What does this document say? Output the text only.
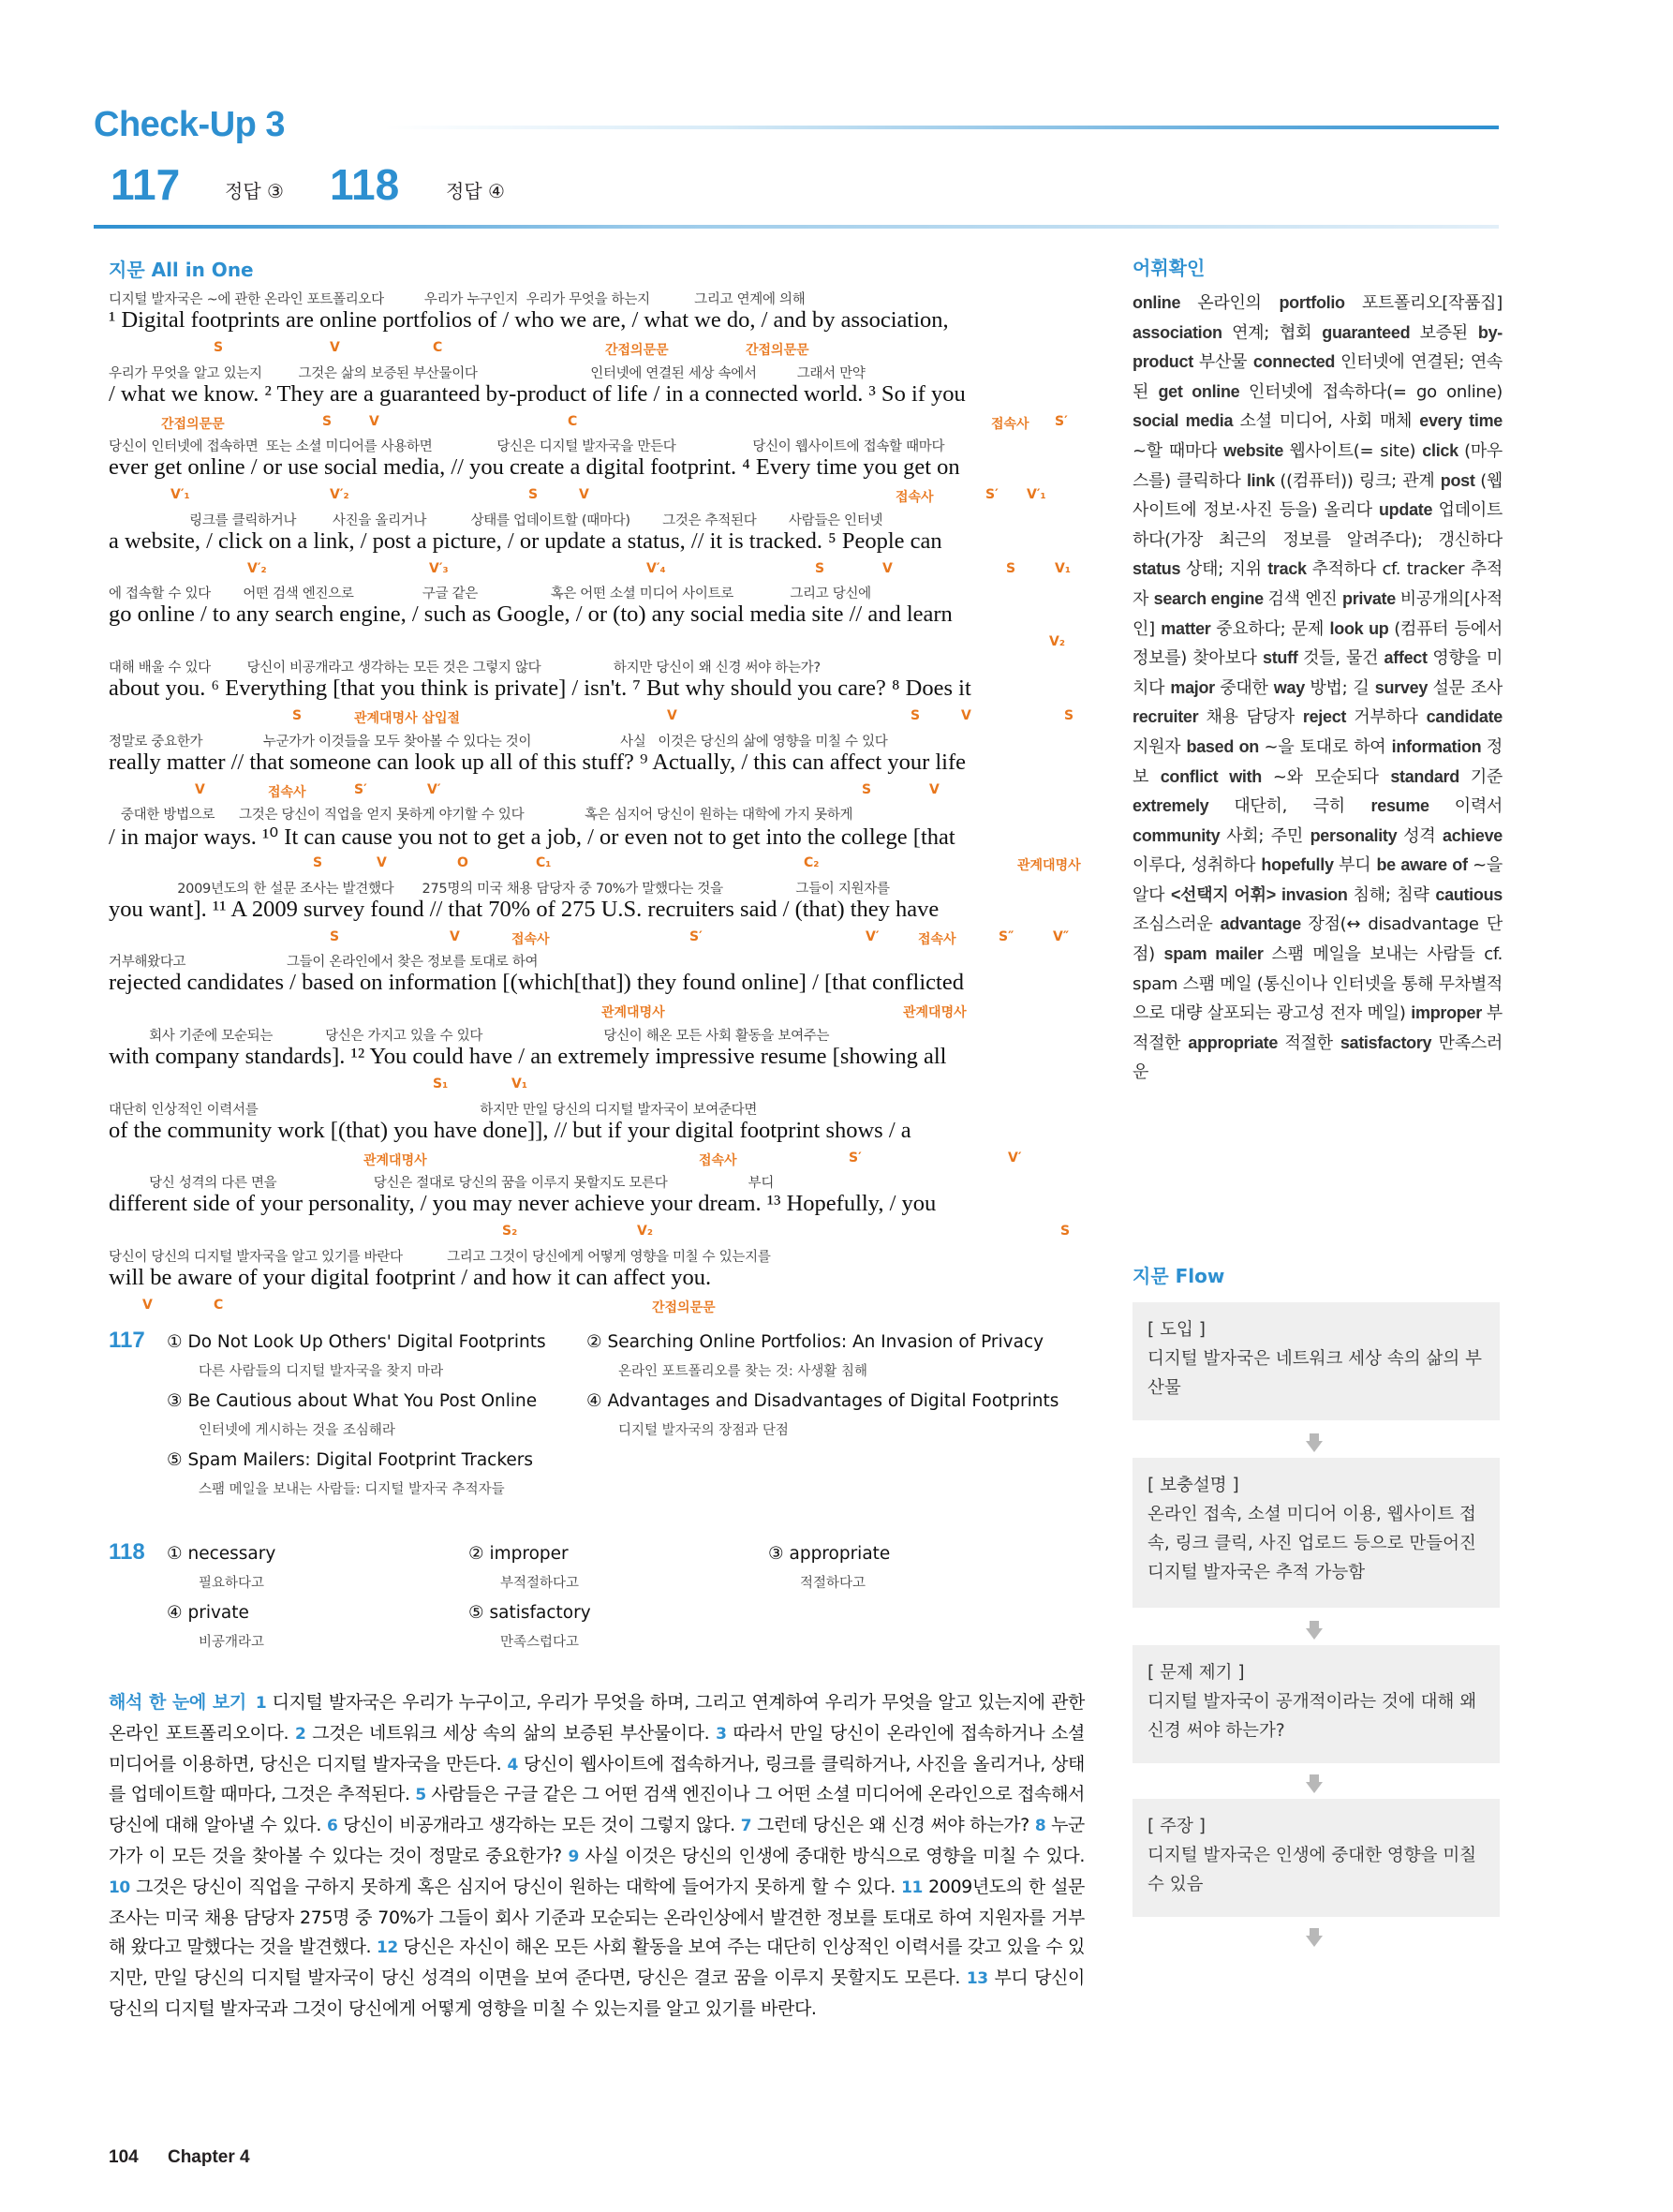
Check-Up 3
117 정답 ③ 118 정답 ④
지문 All in One
디지털 발자국은 ~에 관한 온라인 포트폴리오다          우리가 누구인지  우리가 무엇을 하는지           그리고 연계에 의해
¹ Digital footprints are online portfolios of / who we are, / what we do, / and by association,
S	V	C	간접의문문	간접의문문
우리가 무엇을 알고 있는지         그것은 삶의 보증된 부산물이다                            인터넷에 연결된 세상 속에서          그래서 만약
/ what we know. ² They are a guaranteed by-product of life / in a connected world. ³ So if you
간접의문문	S	V	C	접속사 S′
당신이 인터넷에 접속하면  또는 소셜 미디어를 사용하면                당신은 디지털 발자국을 만든다                   당신이 웹사이트에 접속할 때마다
ever get online / or use social media, // you create a digital footprint. ⁴ Every time you get on
V′₁	V′₂	S	V	접속사	S′ V′₁
링크를 클릭하거나         사진을 올리거나           상태를 업데이트할 (때마다)        그것은 추적된다        사람들은 인터넷
a website, / click on a link, / post a picture, / or update a status, // it is tracked. ⁵ People can
V′₂	V′₃	V′₄	S	V	S	V₁
에 접속할 수 있다        어떤 검색 엔진으로                 구글 같은                  혹은 어떤 소셜 미디어 사이트로              그리고 당신에
go online / to any search engine, / such as Google, / or (to) any social media site // and learn
V₂
대해 배울 수 있다         당신이 비공개라고 생각하는 모든 것은 그렇지 않다                  하지만 당신이 왜 신경 써야 하는가?
about you. ⁶ Everything [that you think is private] / isn't. ⁷ But why should you care? ⁸ Does it
S	관계대명사 삽입절	V	S	V	S
정말로 중요한가               누군가가 이것들을 모두 찾아볼 수 있다는 것이                      사실   이것은 당신의 삶에 영향을 미칠 수 있다
really matter // that someone can look up all of this stuff? ⁹ Actually, / this can affect your life
V	접속사	S′	V′	S	V
중대한 방법으로      그것은 당신이 직업을 얻지 못하게 야기할 수 있다               혹은 심지어 당신이 원하는 대학에 가지 못하게
/ in major ways. ¹⁰ It can cause you not to get a job, / or even not to get into the college [that
S	V	O	C₁	C₂	관계대명사
2009년도의 한 설문 조사는 발견했다       275명의 미국 채용 담당자 중 70%가 말했다는 것을                  그들이 지원자를
you want]. ¹¹ A 2009 survey found // that 70% of 275 U.S. recruiters said / (that) they have
S	V	접속사	S′	V′	접속사	S″	V″
거부해왔다고                         그들이 온라인에서 찾은 정보를 토대로 하여
rejected candidates / based on information [(which[that]) they found online] / [that conflicted
관계대명사	관계대명사
회사 기준에 모순되는             당신은 가지고 있을 수 있다                              당신이 해온 모든 사회 활동을 보여주는
with company standards]. ¹² You could have / an extremely impressive resume [showing all
S₁	V₁
대단히 인상적인 이력서를                                                       하지만 만일 당신의 디지털 발자국이 보여준다면
of the community work [(that) you have done]], // but if your digital footprint shows / a
관계대명사	접속사	S′	V′
당신 성격의 다른 면을                        당신은 절대로 당신의 꿈을 이루지 못할지도 모른다                    부디
different side of your personality, / you may never achieve your dream. ¹³ Hopefully, / you
S₂	V₂	S
당신이 당신의 디지털 발자국을 알고 있기를 바란다           그리고 그것이 당신에게 어떻게 영향을 미칠 수 있는지를
will be aware of your digital footprint / and how it can affect you.
V	C	간접의문문
117 ① Do Not Look Up Others' Digital Footprints
다른 사람들의 디지털 발자국을 찾지 마라
② Searching Online Portfolios: An Invasion of Privacy
온라인 포트폴리오를 찾는 것: 사생활 침해
③ Be Cautious about What You Post Online
인터넷에 게시하는 것을 조심해라
④ Advantages and Disadvantages of Digital Footprints
디지털 발자국의 장점과 단점
⑤ Spam Mailers: Digital Footprint Trackers
스팸 메일을 보내는 사람들: 디지털 발자국 추적자들
118 ① necessary
필요하다고
② improper
부적절하다고
③ appropriate
적절하다고
④ private
비공개라고
⑤ satisfactory
만족스럽다고
해석 한 눈에 보기 1 디지털 발자국은 우리가 누구이고, 우리가 무엇을 하며, 그리고 연계하여 우리가 무엇을 알고 있는지에 관한 온라인 포트폴리오이다. 2 그것은 네트워크 세상 속의 삶의 보증된 부산물이다. 3 따라서 만일 당신이 온라인에 접속하거나 소셜 미디어를 이용하면, 당신은 디지털 발자국을 만든다. 4 당신이 웹사이트에 접속하거나, 링크를 클릭하거나, 사진을 올리거나, 상태를 업데이트할 때마다, 그것은 추적된다. 5 사람들은 구글 같은 그 어떤 검색 엔진이나 그 어떤 소셜 미디어에 온라인으로 접속해서 당신에 대해 알아낼 수 있다. 6 당신이 비공개라고 생각하는 모든 것이 그렇지 않다. 7 그런데 당신은 왜 신경 써야 하는가? 8 누군가가 이 모든 것을 찾아볼 수 있다는 것이 정말로 중요한가? 9 사실 이것은 당신의 인생에 중대한 방식으로 영향을 미칠 수 있다. 10 그것은 당신이 직업을 구하지 못하게 혹은 심지어 당신이 원하는 대학에 들어가지 못하게 할 수 있다. 11 2009년도의 한 설문 조사는 미국 채용 담당자 275명 중 70%가 그들이 회사 기준과 모순되는 온라인상에서 발견한 정보를 토대로 하여 지원자를 거부해 왔다고 말했다는 것을 발견했다. 12 당신은 자신이 해온 모든 사회 활동을 보여 주는 대단히 인상적인 이력서를 갖고 있을 수 있지만, 만일 당신의 디지털 발자국이 당신 성격의 이면을 보여 준다면, 당신은 결코 꿈을 이루지 못할지도 모른다. 13 부디 당신이 당신의 디지털 발자국과 그것이 당신에게 어떻게 영향을 미칠 수 있는지를 알고 있기를 바란다.
어휘확인
online 온라인의 portfolio 포트폴리오[작품집] association 연계; 협회 guaranteed 보증된 by-product 부산물 connected 인터넷에 연결된; 연속된 get online 인터넷에 접속하다(= go online) social media 소셜 미디어, 사회 매체 every time ~할 때마다 website 웹사이트(= site) click (마우스를) 클릭하다 link ((컴퓨터)) 링크; 관계 post (웹사이트에 정보·사진 등을) 올리다 update 업데이트하다(가장 최근의 정보를 알려주다); 갱신하다 status 상태; 지위 track 추적하다 cf. tracker 추적자 search engine 검색 엔진 private 비공개의[사적인] matter 중요하다; 문제 look up (컴퓨터 등에서 정보를) 찾아보다 stuff 것들, 물건 affect 영향을 미치다 major 중대한 way 방법; 길 survey 설문 조사 recruiter 채용 담당자 reject 거부하다 candidate 지원자 based on ~을 토대로 하여 information 정보 conflict with ~와 모순되다 standard 기준 extremely 대단히, 극히 resume 이력서 community 사회; 주민 personality 성격 achieve 이루다, 성취하다 hopefully 부디 be aware of ~을 알다 <선택지 어휘> invasion 침해; 침략 cautious 조심스러운 advantage 장점(↔ disadvantage 단점) spam mailer 스팸 메일을 보내는 사람들 cf. spam 스팸 메일 (통신이나 인터넷을 통해 무차별적으로 대량 살포되는 광고성 전자 메일) improper 부적절한 appropriate 적절한 satisfactory 만족스러운
지문 Flow
[ 도입 ]
디지털 발자국은 네트워크 세상 속의 삶의 부산물
[ 보충설명 ]
온라인 접속, 소셜 미디어 이용, 웹사이트 접속, 링크 클릭, 사진 업로드 등으로 만들어진 디지털 발자국은 추적 가능함
[ 문제 제기 ]
디지털 발자국이 공개적이라는 것에 대해 왜 신경 써야 하는가?
[ 주장 ]
디지털 발자국은 인생에 중대한 영향을 미칠 수 있음
104 Chapter 4
